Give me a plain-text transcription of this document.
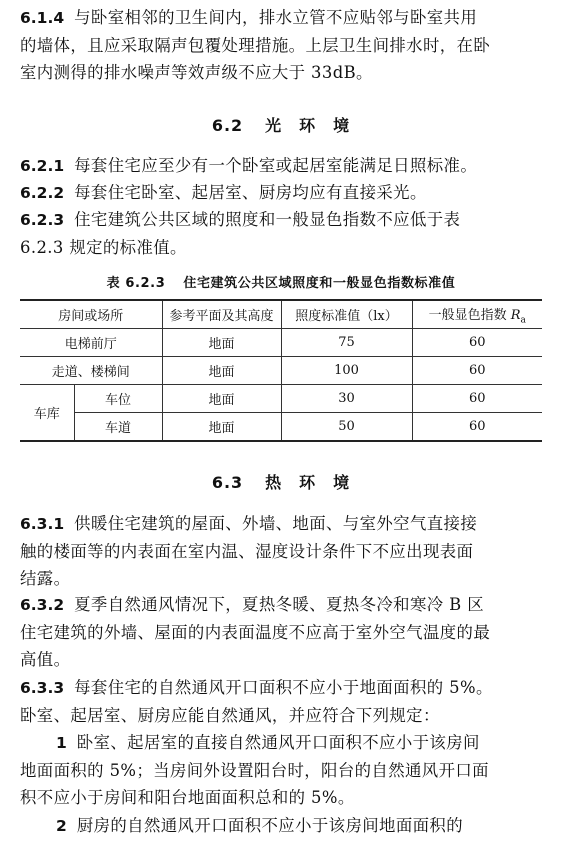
6.1.4 与卧室相邻的卫生间内，排水立管不应贴邻与卧室共用
的墙体，且应采取隔声包覆处理措施。上层卫生间排水时，在卧
室内测得的排水噪声等效声级不应大于 33dB。
6.2 光　环　境
6.2.1 每套住宅应至少有一个卧室或起居室能满足日照标准。
6.2.2 每套住宅卧室、起居室、厨房均应有直接采光。
6.2.3 住宅建筑公共区域的照度和一般显色指数不应低于表
6.2.3 规定的标准值。
表 6.2.3 住宅建筑公共区域照度和一般显色指数标准值
房间或场所		参考平面及其高度	照度标准值（lx）	一般显色指数 $R_a$
电梯前厅		地面	75	60
走道、楼梯间		地面	100	60
车库	车位	地面	30	60
	车道	地面	50	60
6.3 热　环　境
6.3.1 供暖住宅建筑的屋面、外墙、地面、与室外空气直接接
触的楼面等的内表面在室内温、湿度设计条件下不应出现表面
结露。
6.3.2 夏季自然通风情况下，夏热冬暖、夏热冬冷和寒冷 B 区
住宅建筑的外墙、屋面的内表面温度不应高于室外空气温度的最
高值。
6.3.3 每套住宅的自然通风开口面积不应小于地面面积的 5%。
卧室、起居室、厨房应能自然通风，并应符合下列规定：
1 卧室、起居室的直接自然通风开口面积不应小于该房间
地面面积的 5%；当房间外设置阳台时，阳台的自然通风开口面
积不应小于房间和阳台地面面积总和的 5%。
2 厨房的自然通风开口面积不应小于该房间地面面积的
